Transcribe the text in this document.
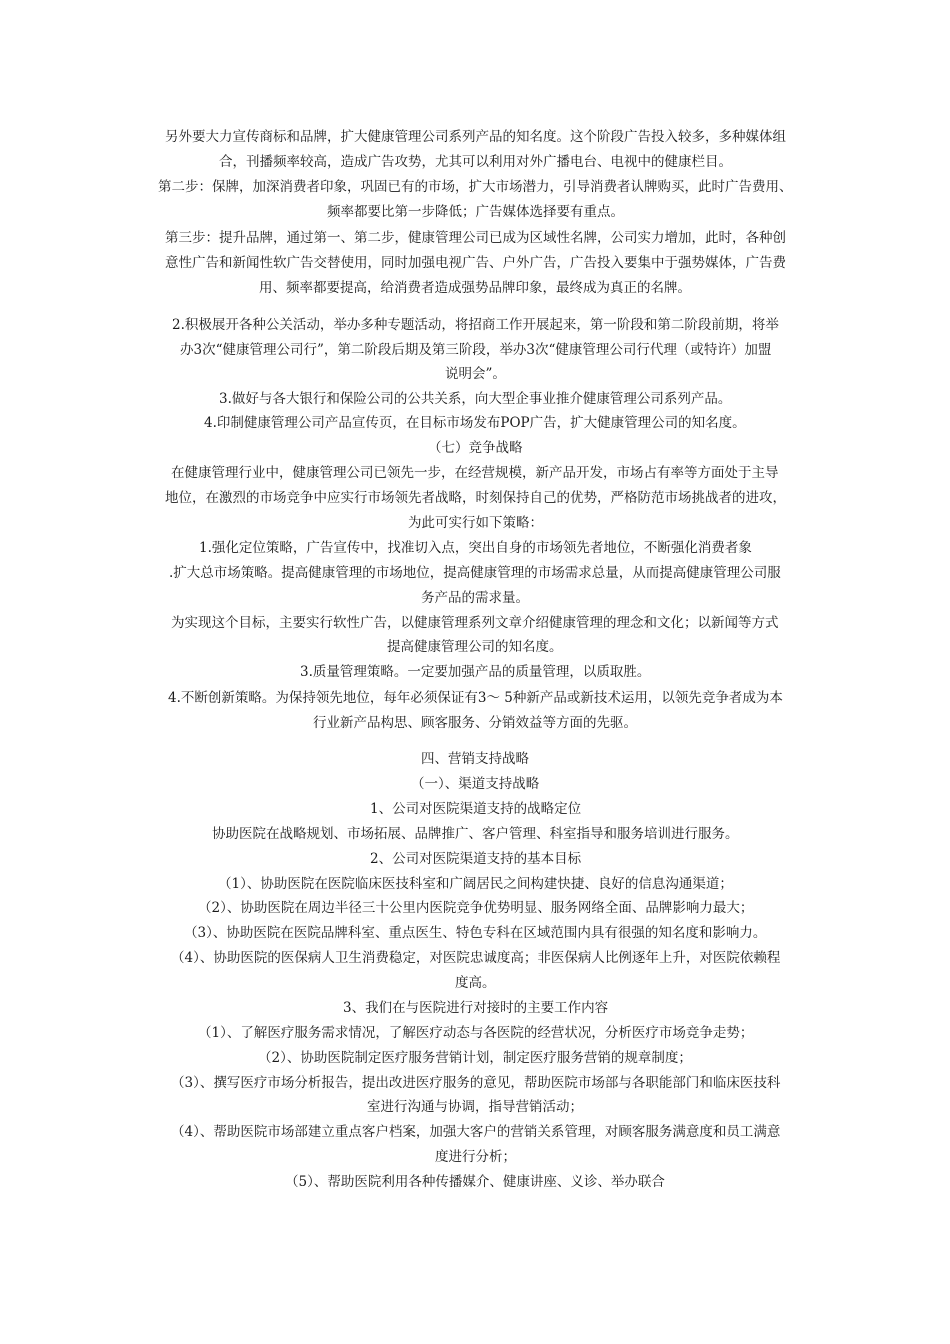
另外要大力宣传商标和品牌，扩大健康管理公司系列产品的知名度。这个阶段广告投入较多，多种媒体组
合，刊播频率较高，造成广告攻势，尤其可以利用对外广播电台、电视中的健康栏目。
第二步：保牌，加深消费者印象，巩固已有的市场，扩大市场潜力，引导消费者认牌购买，此时广告费用、
频率都要比第一步降低；广告媒体选择要有重点。
第三步：提升品牌，通过第一、第二步，健康管理公司已成为区域性名牌，公司实力增加，此时，各种创
意性广告和新闻性软广告交替使用，同时加强电视广告、户外广告，广告投入要集中于强势媒体，广告费
用、频率都要提高，给消费者造成强势品牌印象，最终成为真正的名牌。
2.积极展开各种公关活动，举办多种专题活动，将招商工作开展起来，第一阶段和第二阶段前期，将举
办3次“健康管理公司行”，第二阶段后期及第三阶段，举办3次“健康管理公司行代理（或特许）加盟
说明会”。
3.做好与各大银行和保险公司的公共关系，向大型企事业推介健康管理公司系列产品。
4.印制健康管理公司产品宣传页，在目标市场发布POP广告，扩大健康管理公司的知名度。
（七）竞争战略
在健康管理行业中，健康管理公司已领先一步，在经营规模，新产品开发，市场占有率等方面处于主导
地位，在激烈的市场竞争中应实行市场领先者战略，时刻保持自己的优势，严格防范市场挑战者的进攻，
为此可实行如下策略：
1.强化定位策略，广告宣传中，找准切入点，突出自身的市场领先者地位，不断强化消费者象
.扩大总市场策略。提高健康管理的市场地位，提高健康管理的市场需求总量，从而提高健康管理公司服
务产品的需求量。
为实现这个目标，主要实行软性广告，以健康管理系列文章介绍健康管理的理念和文化；以新闻等方式
提高健康管理公司的知名度。
3.质量管理策略。一定要加强产品的质量管理，以质取胜。
4.不断创新策略。为保持领先地位，每年必须保证有3～ 5种新产品或新技术运用，以领先竞争者成为本
行业新产品构思、顾客服务、分销效益等方面的先驱。
四、营销支持战略
（一）、渠道支持战略
1、公司对医院渠道支持的战略定位
协助医院在战略规划、市场拓展、品牌推广、客户管理、科室指导和服务培训进行服务。
2、公司对医院渠道支持的基本目标
（1）、协助医院在医院临床医技科室和广阔居民之间构建快捷、良好的信息沟通渠道；
（2）、协助医院在周边半径三十公里内医院竞争优势明显、服务网络全面、品牌影响力最大；
（3）、协助医院在医院品牌科室、重点医生、特色专科在区域范围内具有很强的知名度和影响力。
（4）、协助医院的医保病人卫生消费稳定，对医院忠诚度高；非医保病人比例逐年上升，对医院依赖程
度高。
3、我们在与医院进行对接时的主要工作内容
（1）、了解医疗服务需求情况，了解医疗动态与各医院的经营状况，分析医疗市场竞争走势；
（2）、协助医院制定医疗服务营销计划，制定医疗服务营销的规章制度；
（3）、撰写医疗市场分析报告，提出改进医疗服务的意见，帮助医院市场部与各职能部门和临床医技科
室进行沟通与协调，指导营销活动；
（4）、帮助医院市场部建立重点客户档案，加强大客户的营销关系管理，对顾客服务满意度和员工满意
度进行分析；
（5）、帮助医院利用各种传播媒介、健康讲座、义诊、举办联合
